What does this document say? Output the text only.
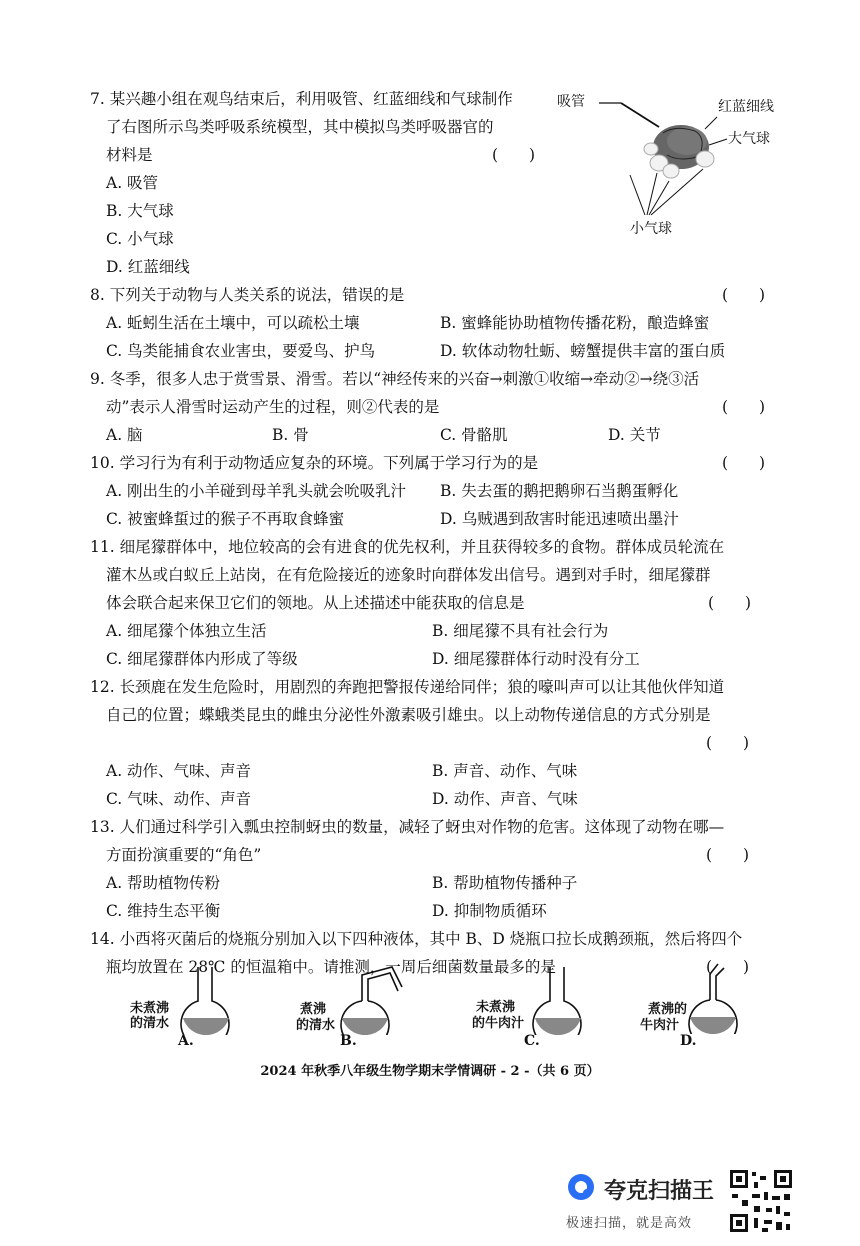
7. 某兴趣小组在观鸟结束后，利用吸管、红蓝细线和气球制作
了右图所示鸟类呼吸系统模型，其中模拟鸟类呼吸器官的
材料是	(　　)
A. 吸管
B. 大气球
C. 小气球
D. 红蓝细线
吸管	红蓝细线
大气球
小气球
8. 下列关于动物与人类关系的说法，错误的是	(　　)
A. 蚯蚓生活在土壤中，可以疏松土壤	B. 蜜蜂能协助植物传播花粉，酿造蜂蜜
C. 鸟类能捕食农业害虫，要爱鸟、护鸟	D. 软体动物牡蛎、螃蟹提供丰富的蛋白质
9. 冬季，很多人忠于赏雪景、滑雪。若以“神经传来的兴奋→刺激①收缩→牵动②→绕③活
动”表示人滑雪时运动产生的过程，则②代表的是	(　　)
A. 脑	B. 骨	C. 骨骼肌	D. 关节
10. 学习行为有利于动物适应复杂的环境。下列属于学习行为的是	(　　)
A. 刚出生的小羊碰到母羊乳头就会吮吸乳汁 B. 失去蛋的鹅把鹅卵石当鹅蛋孵化
C. 被蜜蜂蜇过的猴子不再取食蜂蜜	D. 乌贼遇到敌害时能迅速喷出墨汁
11. 细尾獴群体中，地位较高的会有进食的优先权利，并且获得较多的食物。群体成员轮流在
灌木丛或白蚁丘上站岗，在有危险接近的迹象时向群体发出信号。遇到对手时，细尾獴群
体会联合起来保卫它们的领地。从上述描述中能获取的信息是	(　　)
A. 细尾獴个体独立生活	B. 细尾獴不具有社会行为
C. 细尾獴群体内形成了等级	D. 细尾獴群体行动时没有分工
12. 长颈鹿在发生危险时，用剧烈的奔跑把警报传递给同伴；狼的嚎叫声可以让其他伙伴知道
自己的位置；蝶蛾类昆虫的雌虫分泌性外激素吸引雄虫。以上动物传递信息的方式分别是
(　　)
A. 动作、气味、声音	B. 声音、动作、气味
C. 气味、动作、声音	D. 动作、声音、气味
13. 人们通过科学引入瓢虫控制蚜虫的数量，减轻了蚜虫对作物的危害。这体现了动物在哪—
方面扮演重要的“角色”	(　　)
A. 帮助植物传粉	B. 帮助植物传播种子
C. 维持生态平衡	D. 抑制物质循环
14. 小西将灭菌后的烧瓶分别加入以下四种液体，其中 B、D 烧瓶口拉长成鹅颈瓶，然后将四个
瓶均放置在 28℃ 的恒温箱中。请推测，一周后细菌数量最多的是	(　　)
未煮沸
的清水
A.
煮沸
的清水
B.
未煮沸
的牛肉汁
C.
煮沸的
牛肉汁
D.
2024 年秋季八年级生物学期末学情调研 - 2 -（共 6 页）
夸克扫描王
极速扫描，就是高效
